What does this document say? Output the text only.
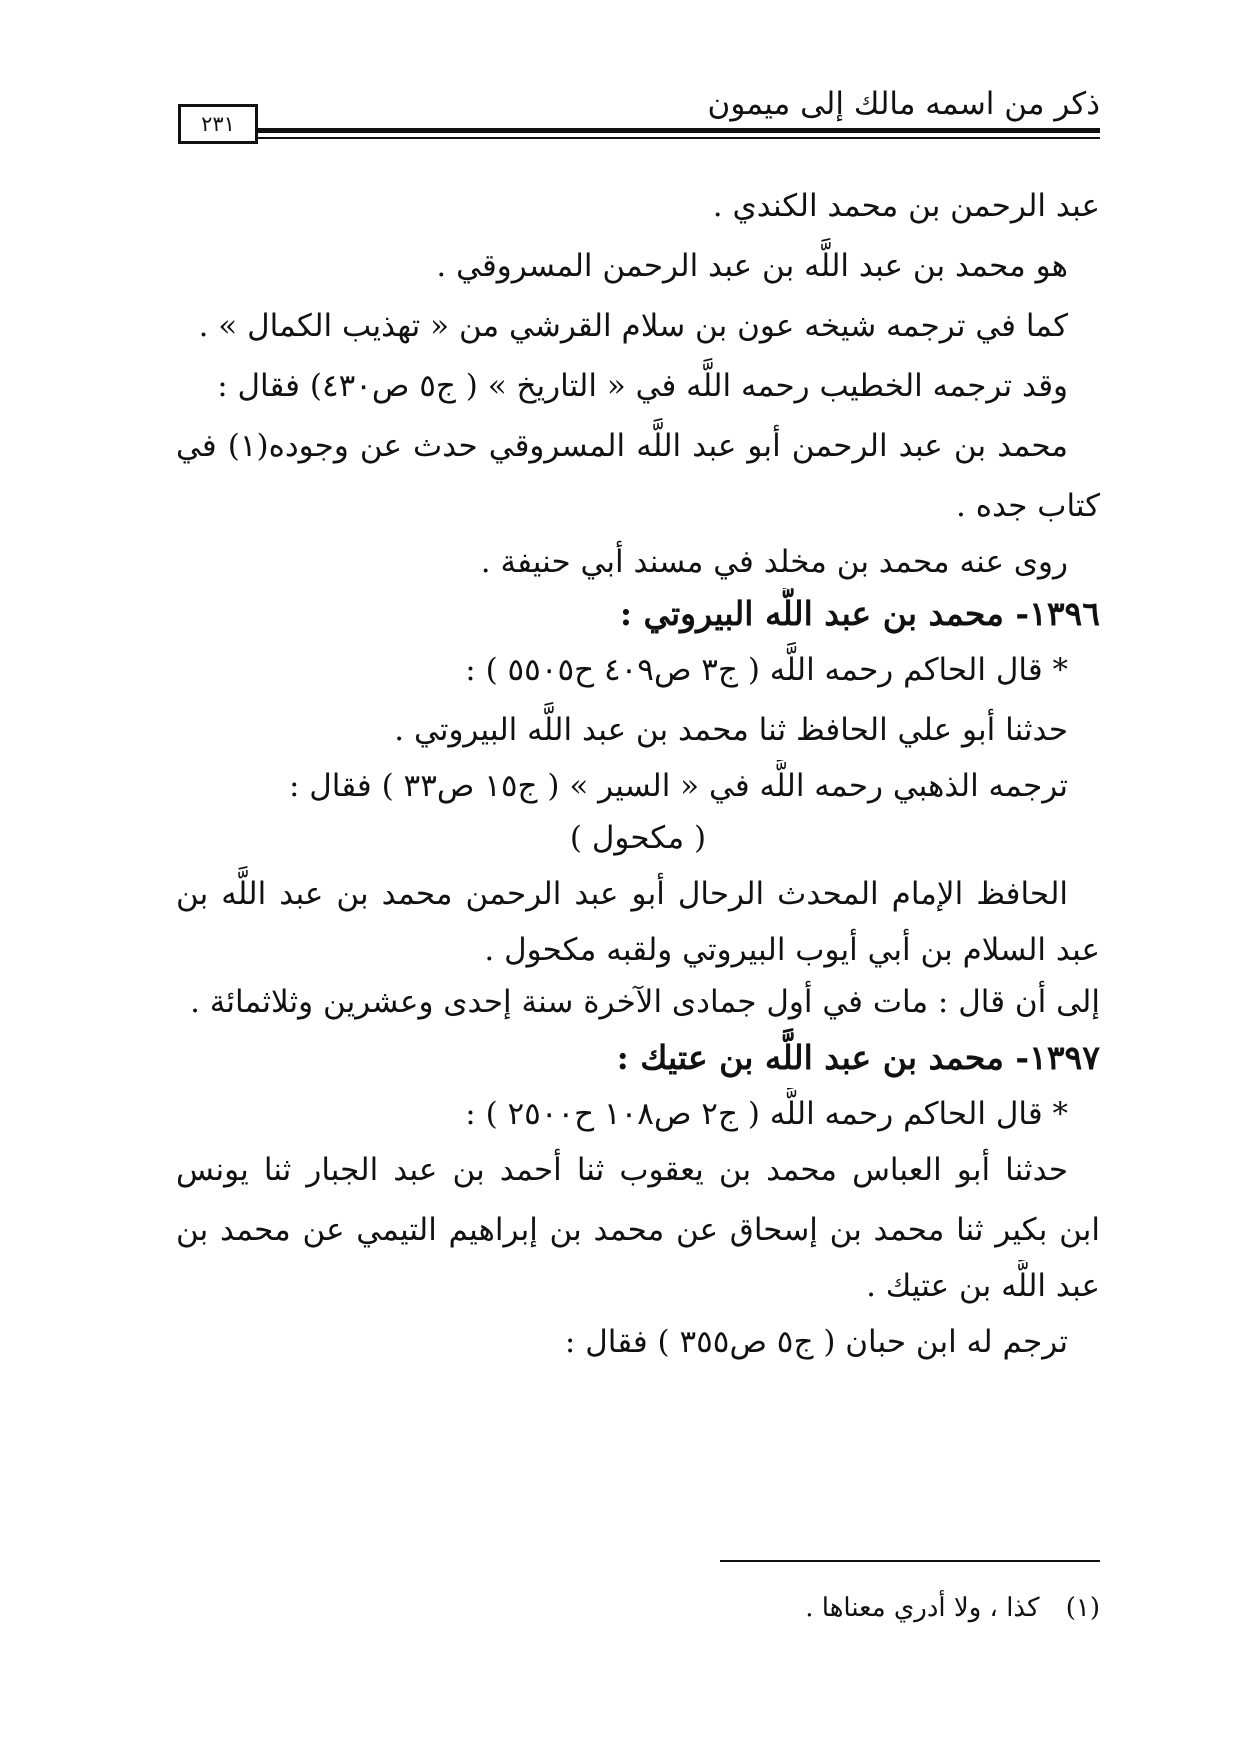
ذكر من اسمه مالك إلى ميمون
٢٣١
عبد الرحمن بن محمد الكندي .
هو محمد بن عبد اللَّه بن عبد الرحمن المسروقي .
كما في ترجمه شيخه عون بن سلام القرشي من « تهذيب الكمال » .
وقد ترجمه الخطيب رحمه اللَّه في « التاريخ » ( ج٥ ص٤٣٠) فقال :
محمد بن عبد الرحمن أبو عبد اللَّه المسروقي حدث عن وجوده(١) في
كتاب جده .
روى عنه محمد بن مخلد في مسند أبي حنيفة .
١٣٩٦- محمد بن عبد اللَّه البيروتي :
* قال الحاكم رحمه اللَّه ( ج٣ ص٤٠٩ ح٥٥٠٥ ) :
حدثنا أبو علي الحافظ ثنا محمد بن عبد اللَّه البيروتي .
ترجمه الذهبي رحمه اللَّه في « السير » ( ج١٥ ص٣٣ ) فقال :
( مكحول )
الحافظ الإمام المحدث الرحال أبو عبد الرحمن محمد بن عبد اللَّه بن
عبد السلام بن أبي أيوب البيروتي ولقبه مكحول .
إلى أن قال : مات في أول جمادى الآخرة سنة إحدى وعشرين وثلاثمائة .
١٣٩٧- محمد بن عبد اللَّه بن عتيك :
* قال الحاكم رحمه اللَّه ( ج٢ ص١٠٨ ح٢٥٠٠ ) :
حدثنا أبو العباس محمد بن يعقوب ثنا أحمد بن عبد الجبار ثنا يونس
ابن بكير ثنا محمد بن إسحاق عن محمد بن إبراهيم التيمي عن محمد بن
عبد اللَّه بن عتيك .
ترجم له ابن حبان ( ج٥ ص٣٥٥ ) فقال :
(١) كذا ، ولا أدري معناها .
